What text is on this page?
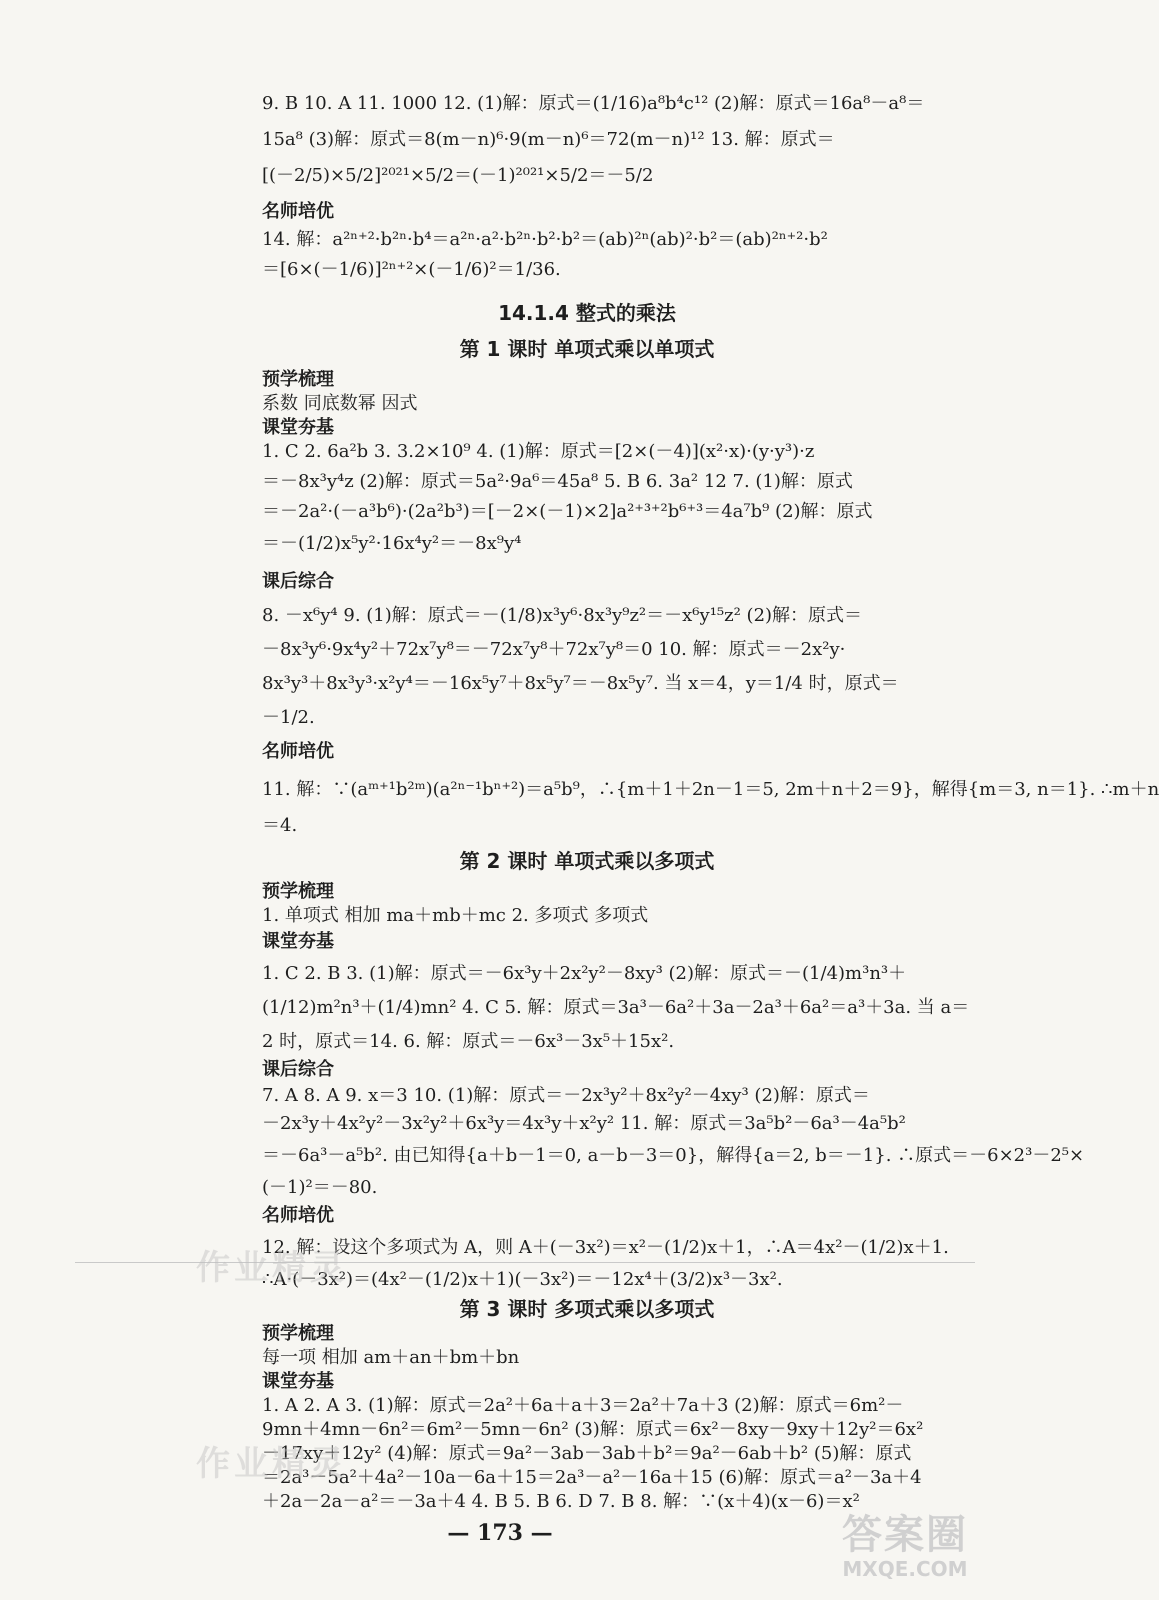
9. B 10. A 11. 1000 12. (1)解：原式＝(1/16)a⁸b⁴c¹² (2)解：原式＝16a⁸－a⁸＝
15a⁸ (3)解：原式＝8(m－n)⁶·9(m－n)⁶＝72(m－n)¹² 13. 解：原式＝
[(－2/5)×5/2]²⁰²¹×5/2＝(－1)²⁰²¹×5/2＝－5/2
名师培优
14. 解：a²ⁿ⁺²·b²ⁿ·b⁴＝a²ⁿ·a²·b²ⁿ·b²·b²＝(ab)²ⁿ(ab)²·b²＝(ab)²ⁿ⁺²·b²
＝[6×(－1/6)]²ⁿ⁺²×(－1/6)²＝1/36.
14.1.4 整式的乘法
第 1 课时 单项式乘以单项式
预学梳理
系数 同底数幂 因式
课堂夯基
1. C 2. 6a²b 3. 3.2×10⁹ 4. (1)解：原式＝[2×(－4)](x²·x)·(y·y³)·z
＝－8x³y⁴z (2)解：原式＝5a²·9a⁶＝45a⁸ 5. B 6. 3a² 12 7. (1)解：原式
＝－2a²·(－a³b⁶)·(2a²b³)＝[－2×(－1)×2]a²⁺³⁺²b⁶⁺³＝4a⁷b⁹ (2)解：原式
＝－(1/2)x⁵y²·16x⁴y²＝－8x⁹y⁴
课后综合
8. －x⁶y⁴ 9. (1)解：原式＝－(1/8)x³y⁶·8x³y⁹z²＝－x⁶y¹⁵z² (2)解：原式＝
－8x³y⁶·9x⁴y²＋72x⁷y⁸＝－72x⁷y⁸＋72x⁷y⁸＝0 10. 解：原式＝－2x²y·
8x³y³＋8x³y³·x²y⁴＝－16x⁵y⁷＋8x⁵y⁷＝－8x⁵y⁷. 当 x＝4，y＝1/4 时，原式＝
－1/2.
名师培优
11. 解：∵(aᵐ⁺¹b²ᵐ)(a²ⁿ⁻¹bⁿ⁺²)＝a⁵b⁹，∴{m＋1＋2n－1＝5, 2m＋n＋2＝9}，解得{m＝3, n＝1}. ∴m＋n
＝4.
第 2 课时 单项式乘以多项式
预学梳理
1. 单项式 相加 ma＋mb＋mc 2. 多项式 多项式
课堂夯基
1. C 2. B 3. (1)解：原式＝－6x³y＋2x²y²－8xy³ (2)解：原式＝－(1/4)m³n³＋
(1/12)m²n³＋(1/4)mn² 4. C 5. 解：原式＝3a³－6a²＋3a－2a³＋6a²＝a³＋3a. 当 a＝
2 时，原式＝14. 6. 解：原式＝－6x³－3x⁵＋15x².
课后综合
7. A 8. A 9. x＝3 10. (1)解：原式＝－2x³y²＋8x²y²－4xy³ (2)解：原式＝
－2x³y＋4x²y²－3x²y²＋6x³y＝4x³y＋x²y² 11. 解：原式＝3a⁵b²－6a³－4a⁵b²
＝－6a³－a⁵b². 由已知得{a＋b－1＝0, a－b－3＝0}，解得{a＝2, b＝－1}. ∴原式＝－6×2³－2⁵×
(－1)²＝－80.
名师培优
12. 解：设这个多项式为 A，则 A＋(－3x²)＝x²－(1/2)x＋1，∴A＝4x²－(1/2)x＋1.
∴A·(－3x²)＝(4x²－(1/2)x＋1)(－3x²)＝－12x⁴＋(3/2)x³－3x².
第 3 课时 多项式乘以多项式
预学梳理
每一项 相加 am＋an＋bm＋bn
课堂夯基
1. A 2. A 3. (1)解：原式＝2a²＋6a＋a＋3＝2a²＋7a＋3 (2)解：原式＝6m²－
9mn＋4mn－6n²＝6m²－5mn－6n² (3)解：原式＝6x²－8xy－9xy＋12y²＝6x²
－17xy＋12y² (4)解：原式＝9a²－3ab－3ab＋b²＝9a²－6ab＋b² (5)解：原式
＝2a³－5a²＋4a²－10a－6a＋15＝2a³－a²－16a＋15 (6)解：原式＝a²－3a＋4
＋2a－2a－a²＝－3a＋4 4. B 5. B 6. D 7. B 8. 解：∵(x＋4)(x－6)＝x²
— 173 —
作业精灵
作业精灵
答案圈
MXQE.COM
